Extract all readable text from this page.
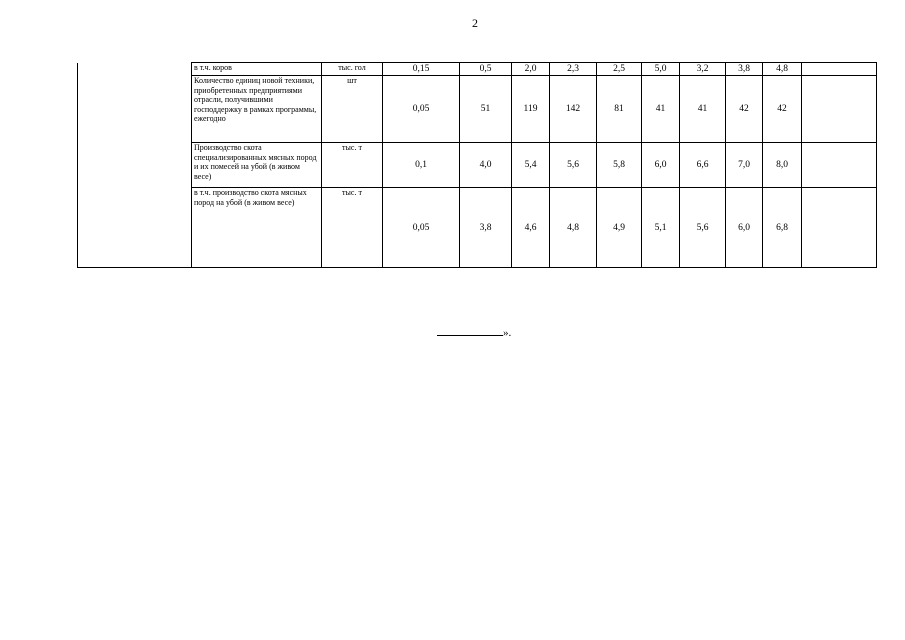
2
	в т.ч. коров	тыс. гол	0,15	0,5	2,0	2,3	2,5	5,0	3,2	3,8	4,8	
	Количество единиц новой техники, приобретенных предприятиями отрасли, получившими господдержку в рамках программы, ежегодно	шт	0,05	51	119	142	81	41	41	42	42	
	Производство скота специализированных мясных пород и их помесей на убой (в живом весе)	тыс. т	0,1	4,0	5,4	5,6	5,8	6,0	6,6	7,0	8,0	
	в т.ч. производство скота мясных пород на убой (в живом весе)	тыс. т	0,05	3,8	4,6	4,8	4,9	5,1	5,6	6,0	6,8	
».
